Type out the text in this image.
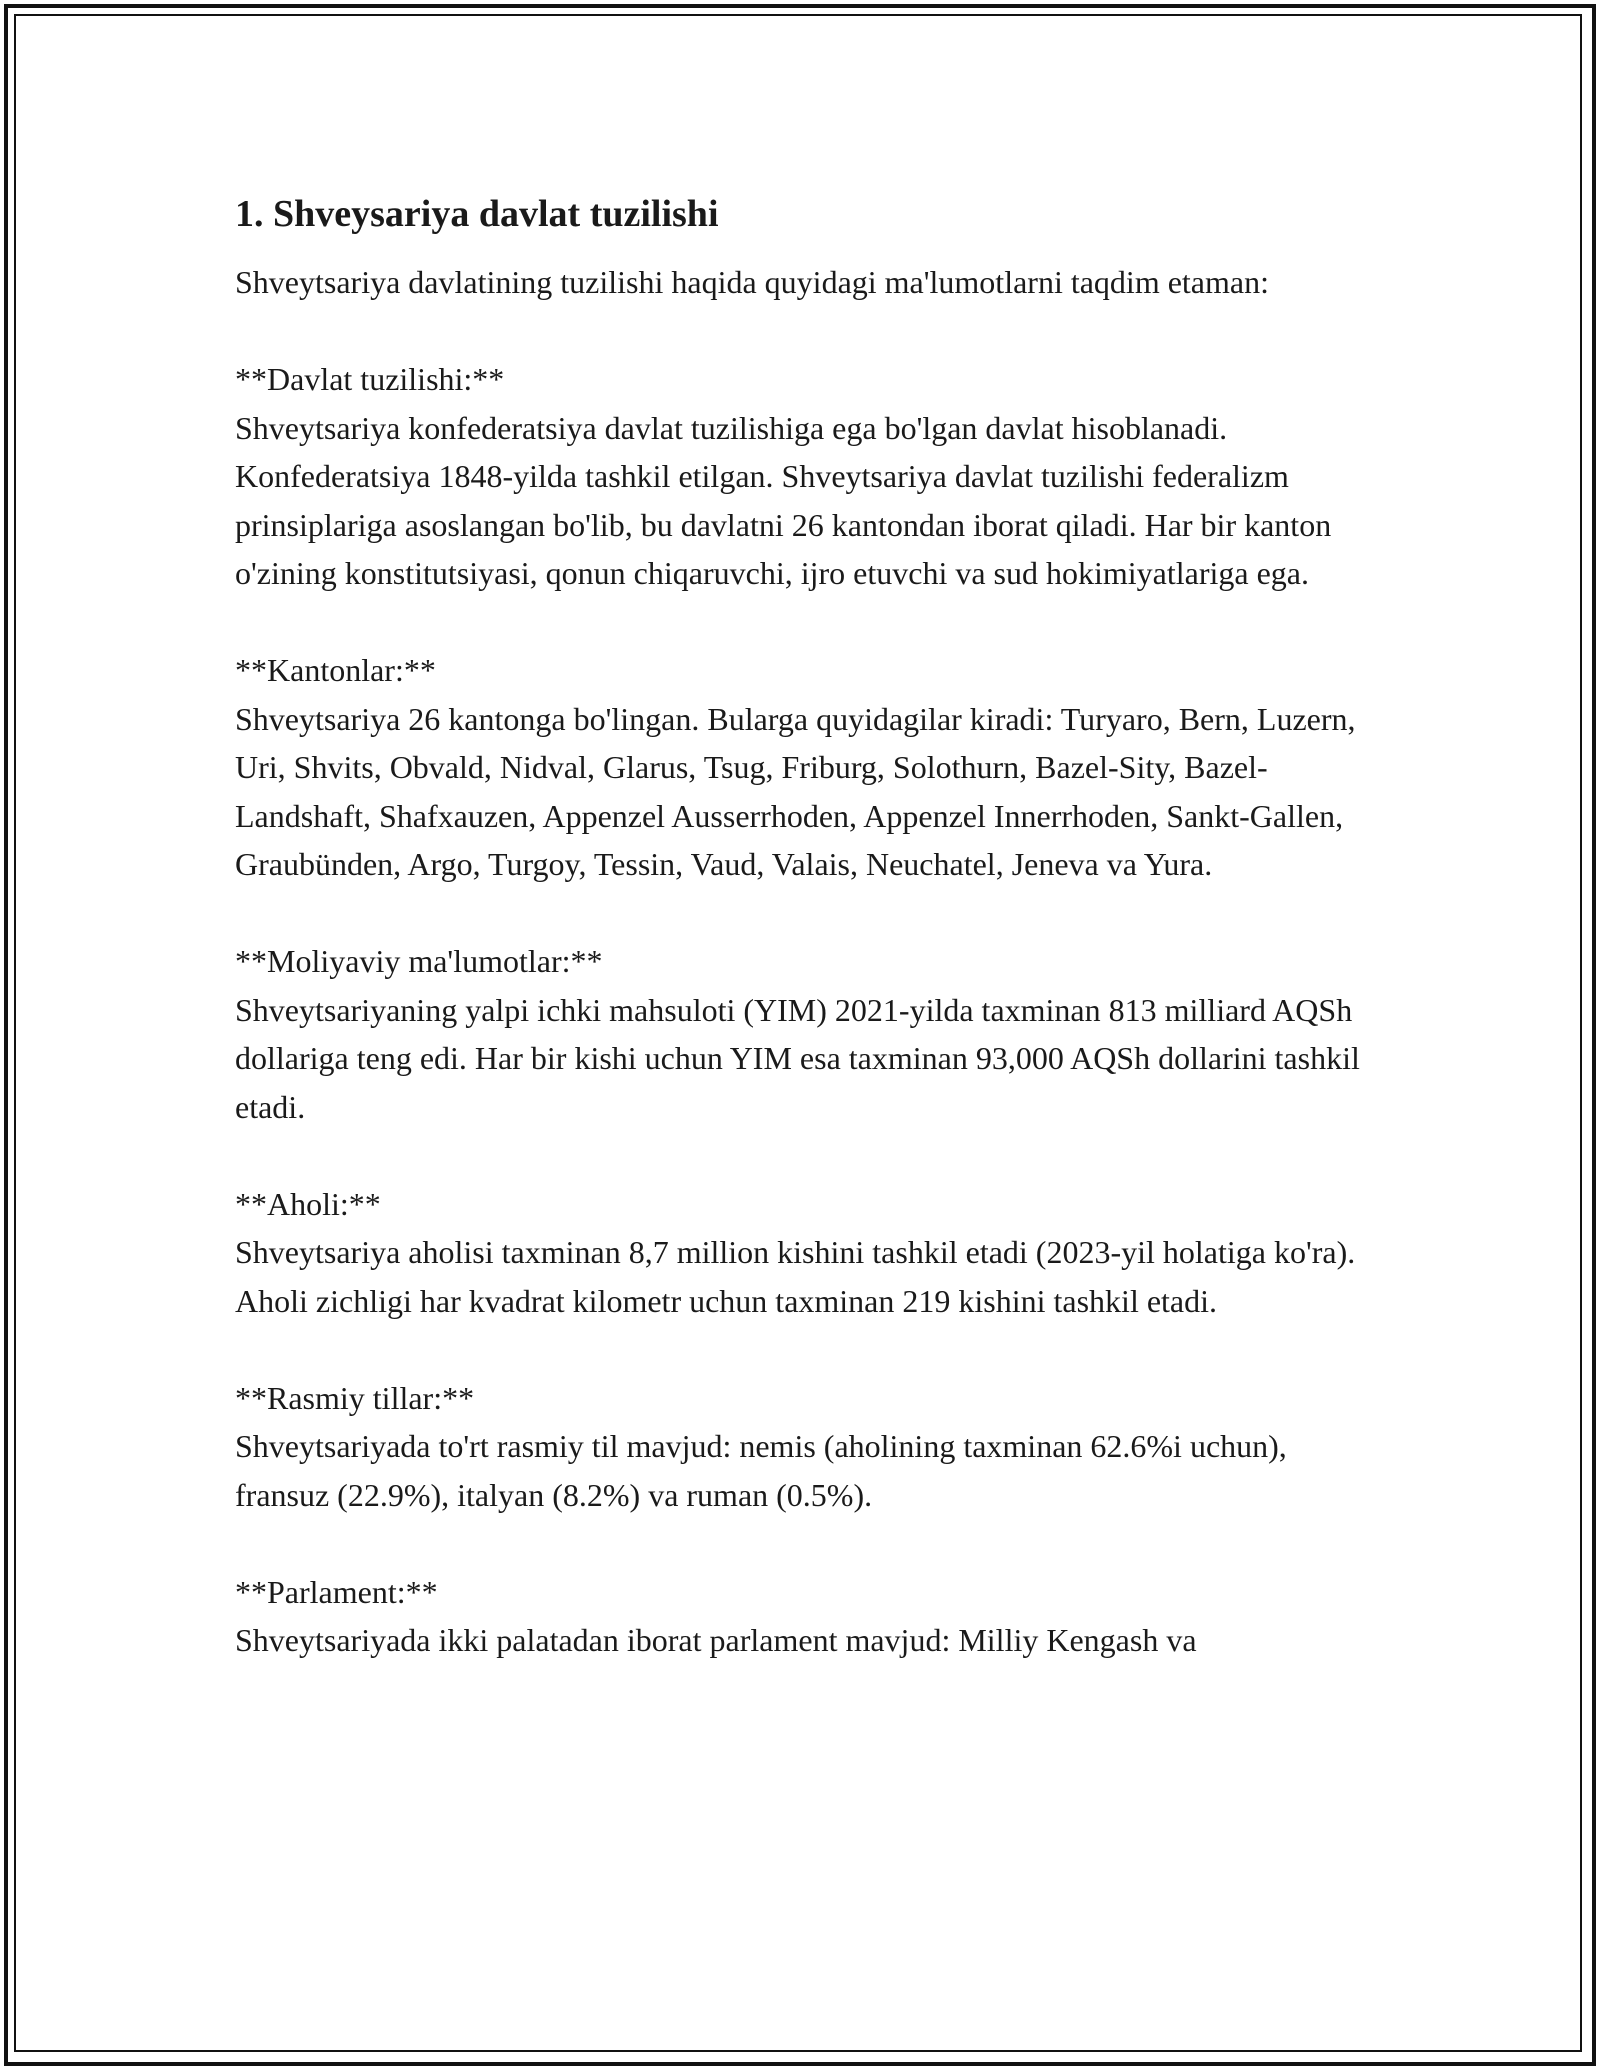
1. Shveysariya davlat tuzilishi

Shveytsariya davlatining tuzilishi haqida quyidagi ma'lumotlarni taqdim etaman:

**Davlat tuzilishi:**

Shveytsariya konfederatsiya davlat tuzilishiga ega bo'lgan davlat hisoblanadi. Konfederatsiya 1848-yilda tashkil etilgan. Shveytsariya davlat tuzilishi federalizm prinsiplariga asoslangan bo'lib, bu davlatni 26 kantondan iborat qiladi. Har bir kanton o'zining konstitutsiyasi, qonun chiqaruvchi, ijro etuvchi va sud hokimiyatlariga ega.

**Kantonlar:**

Shveytsariya 26 kantonga bo'lingan. Bularga quyidagilar kiradi: Turyaro, Bern, Luzern, Uri, Shvits, Obvald, Nidval, Glarus, Tsug, Friburg, Solothurn, Bazel-Sity, Bazel-Landshaft, Shafxauzen, Appenzel Ausserrhoden, Appenzel Innerrhoden, Sankt-Gallen, Graubünden, Argo, Turgoy, Tessin, Vaud, Valais, Neuchatel, Jeneva va Yura.

**Moliyaviy ma'lumotlar:**

Shveytsariyaning yalpi ichki mahsuloti (YIM) 2021-yilda taxminan 813 milliard AQSh dollariga teng edi. Har bir kishi uchun YIM esa taxminan 93,000 AQSh dollarini tashkil etadi.

**Aholi:**

Shveytsariya aholisi taxminan 8,7 million kishini tashkil etadi (2023-yil holatiga ko'ra). Aholi zichligi har kvadrat kilometr uchun taxminan 219 kishini tashkil etadi.

**Rasmiy tillar:**

Shveytsariyada to'rt rasmiy til mavjud: nemis (aholining taxminan 62.6%i uchun), fransuz (22.9%), italyan (8.2%) va ruman (0.5%).

**Parlament:**

Shveytsariyada ikki palatadan iborat parlament mavjud: Milliy Kengash va
